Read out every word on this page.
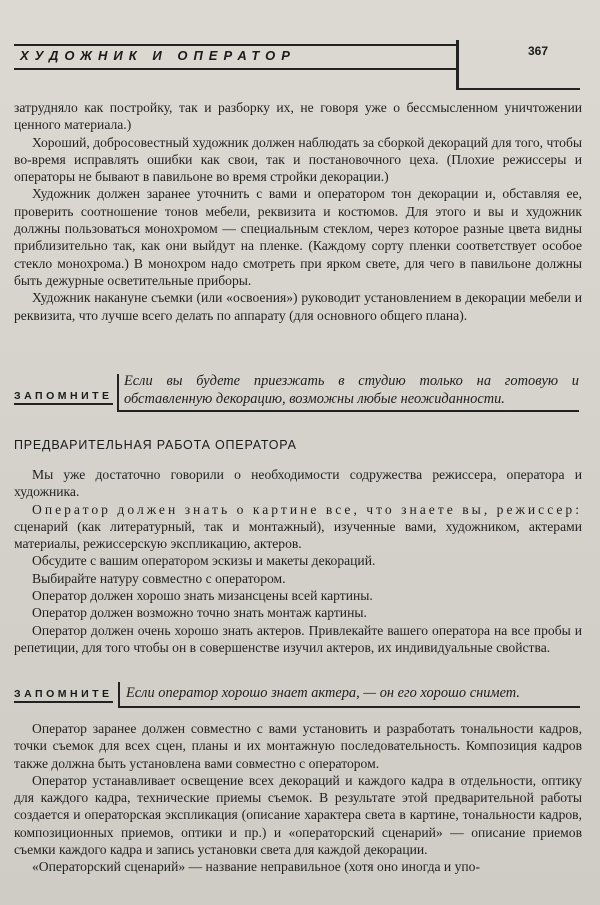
ХУДОЖНИК И ОПЕРАТОР	367

затрудняло как постройку, так и разборку их, не говоря уже о бессмысленном уничтожении ценного материала.)

Хороший, добросовестный художник должен наблюдать за сборкой декораций для того, чтобы во-время исправлять ошибки как свои, так и постановочного цеха. (Плохие режиссеры и операторы не бывают в павильоне во время стройки декорации.)

Художник должен заранее уточнить с вами и оператором тон декорации и, обставляя ее, проверить соотношение тонов мебели, реквизита и костюмов. Для этого и вы и художник должны пользоваться монохромом — специальным стеклом, через которое разные цвета видны приблизительно так, как они выйдут на пленке. (Каждому сорту пленки соответствует особое стекло монохрома.) В монохром надо смотреть при ярком свете, для чего в павильоне должны быть дежурные осветительные приборы.

Художник накануне съемки (или «освоения») руководит установлением в декорации мебели и реквизита, что лучше всего делать по аппарату (для основного общего плана).

ЗАПОМНИТЕ
Если вы будете приезжать в студию только на готовую и обставленную декорацию, возможны любые неожиданности.
ПРЕДВАРИТЕЛЬНАЯ РАБОТА ОПЕРАТОРА

Мы уже достаточно говорили о необходимости содружества режиссера, оператора и художника.

Оператор должен знать о картине все, что знаете вы, режиссер: сценарий (как литературный, так и монтажный), изученные вами, художником, актерами материалы, режиссерскую экспликацию, актеров.

Обсудите с вашим оператором эскизы и макеты декораций.

Выбирайте натуру совместно с оператором.

Оператор должен хорошо знать мизансцены всей картины.

Оператор должен возможно точно знать монтаж картины.

Оператор должен очень хорошо знать актеров. Привлекайте вашего оператора на все пробы и репетиции, для того чтобы он в совершенстве изучил актеров, их индивидуальные свойства.

ЗАПОМНИТЕ Если оператор хорошо знает актера, — он его хорошо снимет.

Оператор заранее должен совместно с вами установить и разработать тональности кадров, точки съемок для всех сцен, планы и их монтажную последовательность. Композиция кадров также должна быть установлена вами совместно с оператором.

Оператор устанавливает освещение всех декораций и каждого кадра в отдельности, оптику для каждого кадра, технические приемы съемок. В результате этой предварительной работы создается и операторская экспликация (описание характера света в картине, тональности кадров, композиционных приемов, оптики и пр.) и «операторский сценарий» — описание приемов съемки каждого кадра и запись установки света для каждой декорации.

«Операторский сценарий» — название неправильное (хотя оно иногда и упо-
